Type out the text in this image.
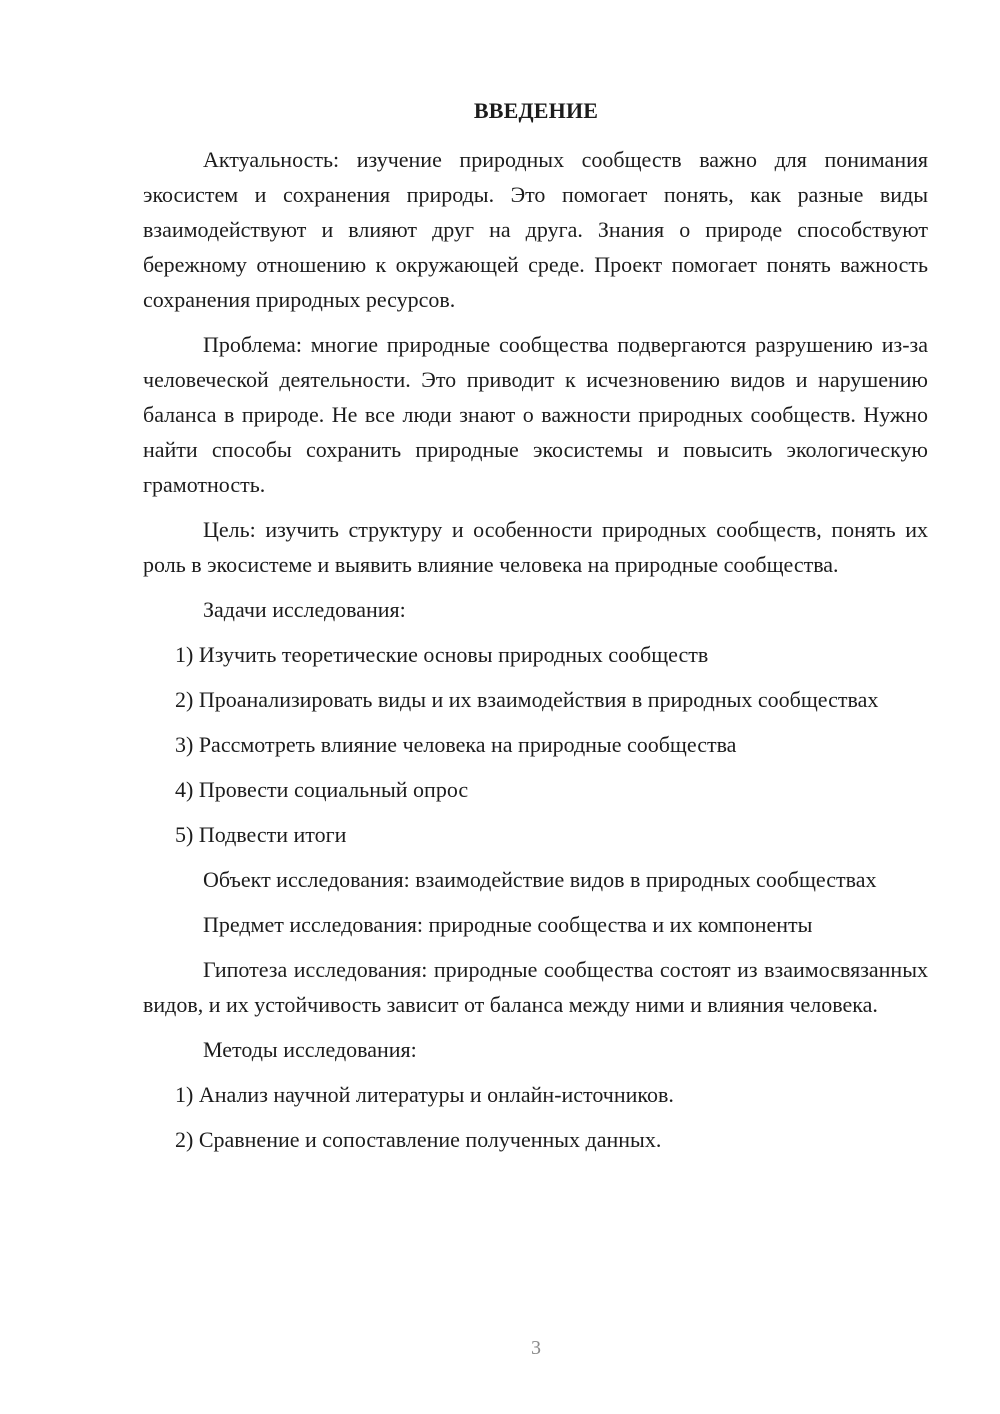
ВВЕДЕНИЕ

Актуальность: изучение природных сообществ важно для понимания экосистем и сохранения природы. Это помогает понять, как разные виды взаимодействуют и влияют друг на друга. Знания о природе способствуют бережному отношению к окружающей среде. Проект помогает понять важность сохранения природных ресурсов.

Проблема: многие природные сообщества подвергаются разрушению из-за человеческой деятельности. Это приводит к исчезновению видов и нарушению баланса в природе. Не все люди знают о важности природных сообществ. Нужно найти способы сохранить природные экосистемы и повысить экологическую грамотность.

Цель: изучить структуру и особенности природных сообществ, понять их роль в экосистеме и выявить влияние человека на природные сообщества.

Задачи исследования:

1) Изучить теоретические основы природных сообществ

2) Проанализировать виды и их взаимодействия в природных сообществах

3) Рассмотреть влияние человека на природные сообщества

4) Провести социальный опрос

5) Подвести итоги

Объект исследования: взаимодействие видов в природных сообществах

Предмет исследования: природные сообщества и их компоненты

Гипотеза исследования: природные сообщества состоят из взаимосвязанных видов, и их устойчивость зависит от баланса между ними и влияния человека.

Методы исследования:

1) Анализ научной литературы и онлайн-источников.

2) Сравнение и сопоставление полученных данных.

3
